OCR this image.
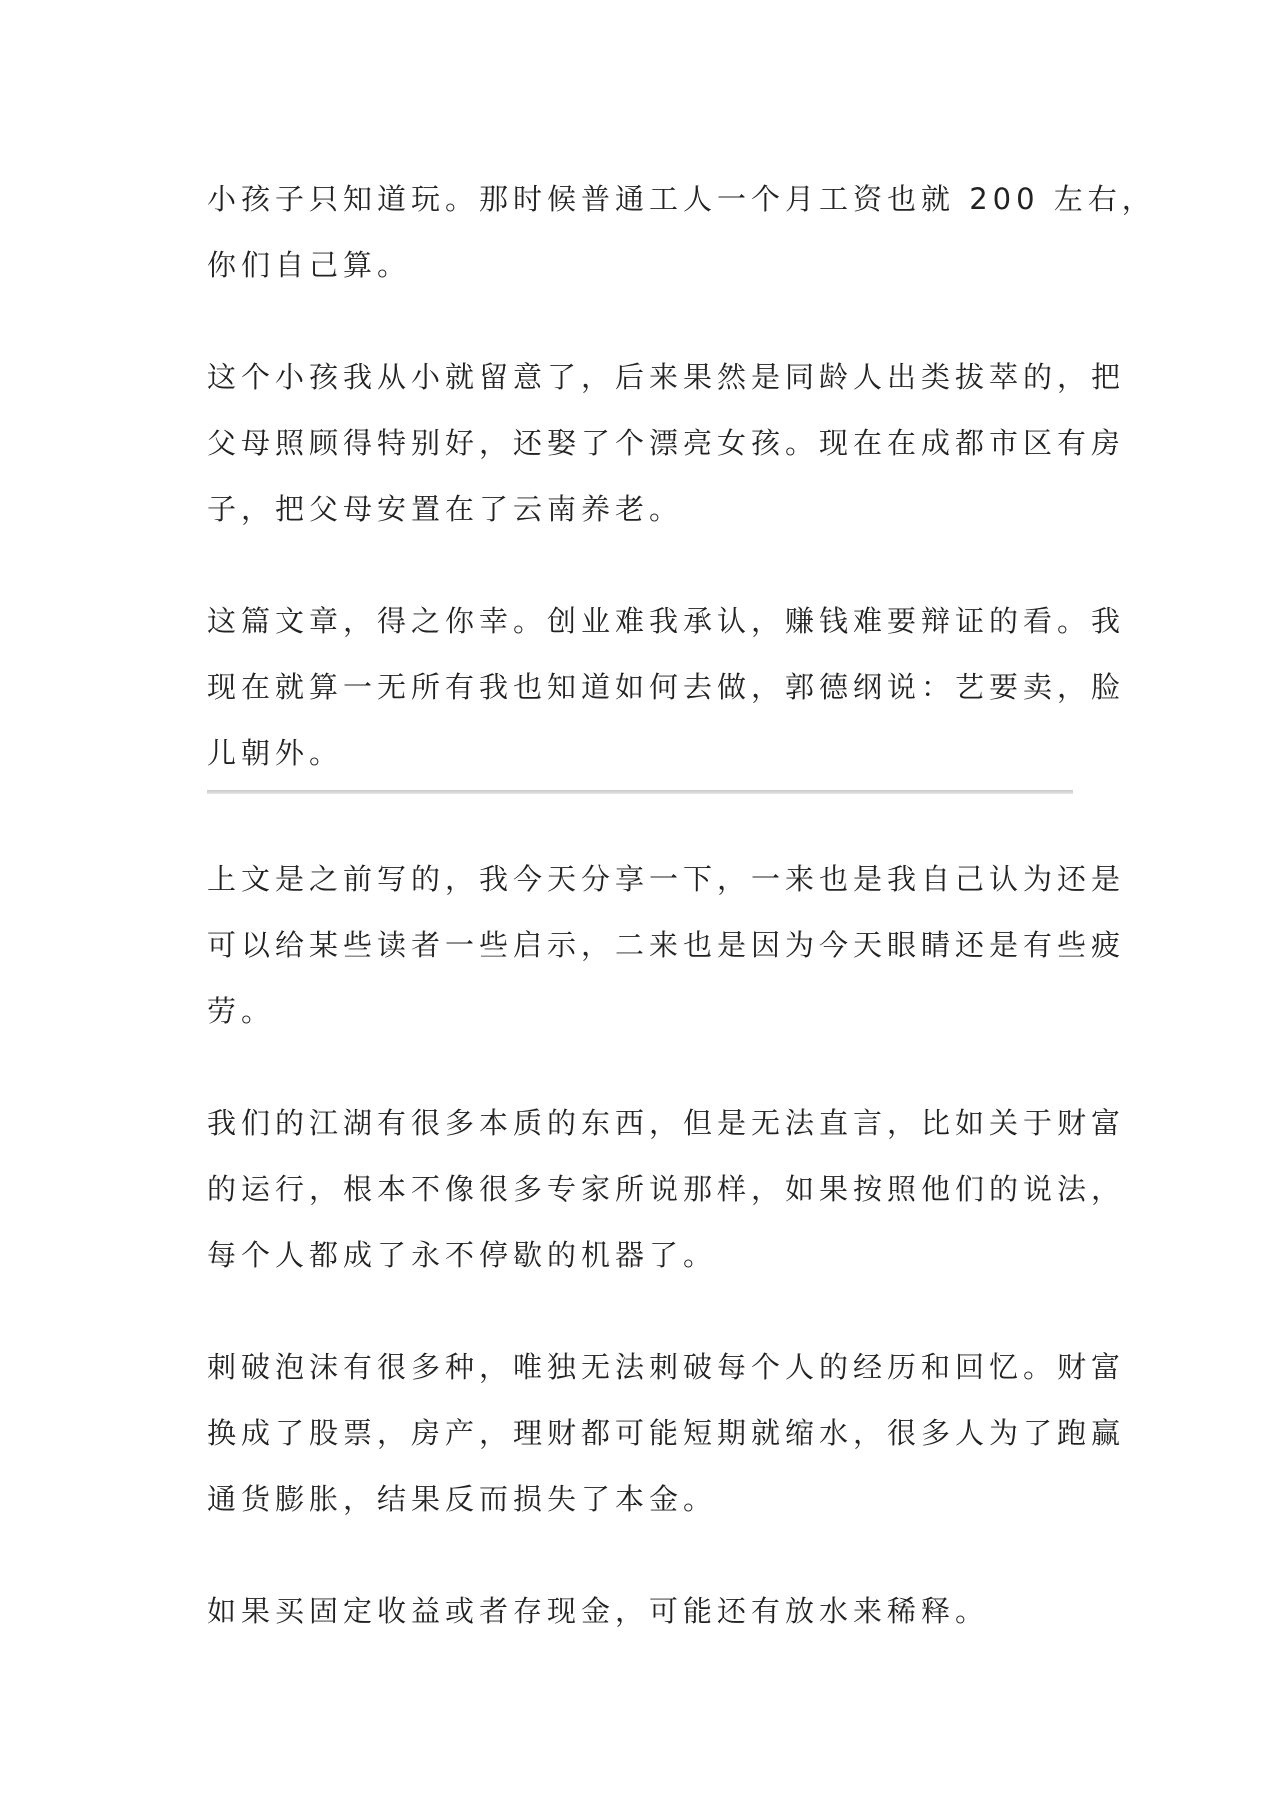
小孩子只知道玩。那时候普通工人一个月工资也就 200 左右，
你们自己算。

这个小孩我从小就留意了，后来果然是同龄人出类拔萃的，把
父母照顾得特别好，还娶了个漂亮女孩。现在在成都市区有房
子，把父母安置在了云南养老。

这篇文章，得之你幸。创业难我承认，赚钱难要辩证的看。我
现在就算一无所有我也知道如何去做，郭德纲说：艺要卖，脸
儿朝外。

上文是之前写的，我今天分享一下，一来也是我自己认为还是
可以给某些读者一些启示，二来也是因为今天眼睛还是有些疲
劳。

我们的江湖有很多本质的东西，但是无法直言，比如关于财富
的运行，根本不像很多专家所说那样，如果按照他们的说法，
每个人都成了永不停歇的机器了。

刺破泡沫有很多种，唯独无法刺破每个人的经历和回忆。财富
换成了股票，房产，理财都可能短期就缩水，很多人为了跑赢
通货膨胀，结果反而损失了本金。

如果买固定收益或者存现金，可能还有放水来稀释。
